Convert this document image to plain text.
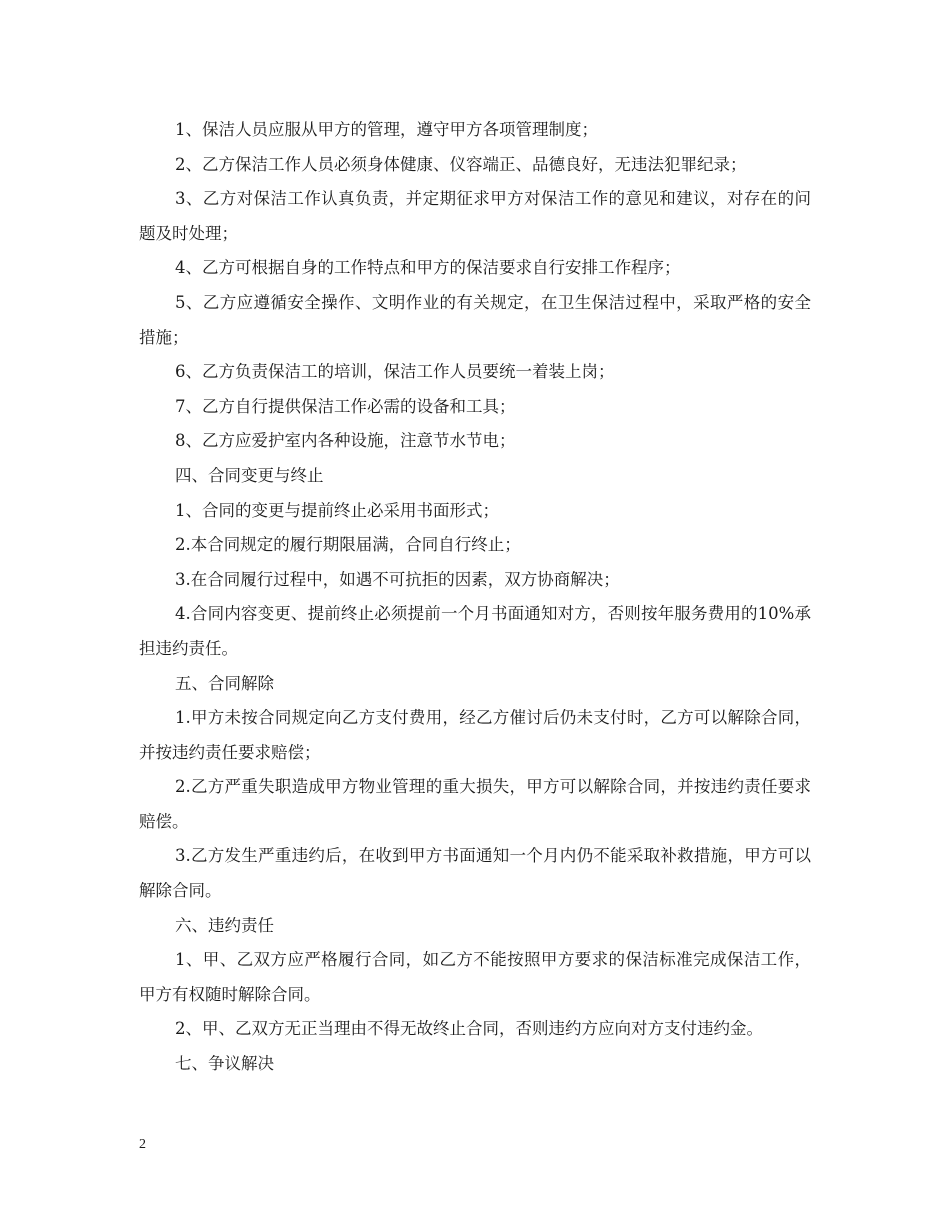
1、保洁人员应服从甲方的管理，遵守甲方各项管理制度；

2、乙方保洁工作人员必须身体健康、仪容端正、品德良好，无违法犯罪纪录；

3、乙方对保洁工作认真负责，并定期征求甲方对保洁工作的意见和建议，对存在的问题及时处理；

4、乙方可根据自身的工作特点和甲方的保洁要求自行安排工作程序；

5、乙方应遵循安全操作、文明作业的有关规定，在卫生保洁过程中，采取严格的安全措施；

6、乙方负责保洁工的培训，保洁工作人员要统一着装上岗；

7、乙方自行提供保洁工作必需的设备和工具；

8、乙方应爱护室内各种设施，注意节水节电；

四、合同变更与终止

1、合同的变更与提前终止必采用书面形式；

2.本合同规定的履行期限届满，合同自行终止；

3.在合同履行过程中，如遇不可抗拒的因素，双方协商解决；

4.合同内容变更、提前终止必须提前一个月书面通知对方，否则按年服务费用的10%承担违约责任。

五、合同解除

1.甲方未按合同规定向乙方支付费用，经乙方催讨后仍未支付时，乙方可以解除合同，并按违约责任要求赔偿；

2.乙方严重失职造成甲方物业管理的重大损失，甲方可以解除合同，并按违约责任要求赔偿。

3.乙方发生严重违约后，在收到甲方书面通知一个月内仍不能采取补救措施，甲方可以解除合同。

六、违约责任

1、甲、乙双方应严格履行合同，如乙方不能按照甲方要求的保洁标准完成保洁工作，甲方有权随时解除合同。

2、甲、乙双方无正当理由不得无故终止合同，否则违约方应向对方支付违约金。

七、争议解决

2
